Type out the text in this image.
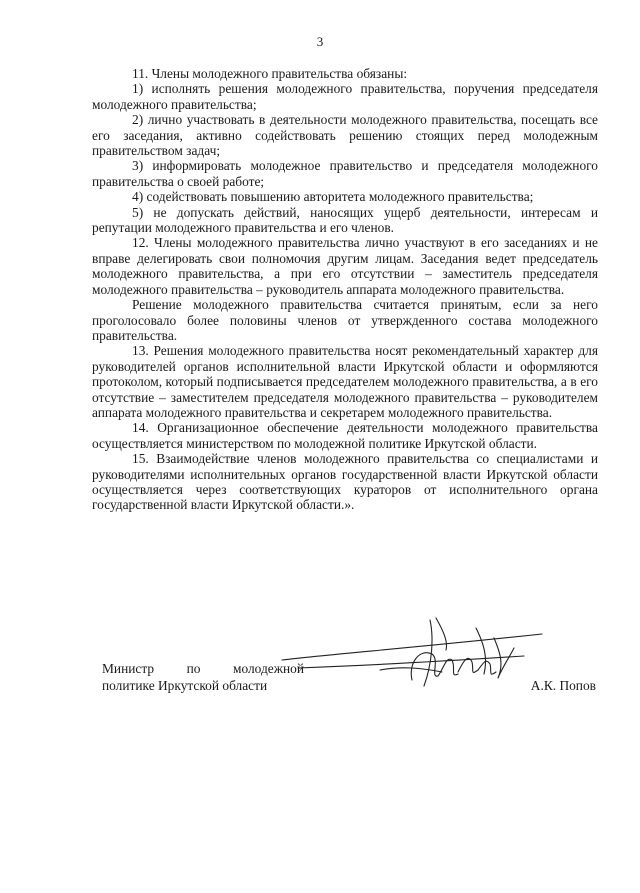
3

11. Члены молодежного правительства обязаны:

1) исполнять решения молодежного правительства, поручения председателя молодежного правительства;

2) лично участвовать в деятельности молодежного правительства, посещать все его заседания, активно содействовать решению стоящих перед молодежным правительством задач;

3) информировать молодежное правительство и председателя молодежного правительства о своей работе;

4) содействовать повышению авторитета молодежного правительства;

5) не допускать действий, наносящих ущерб деятельности, интересам и репутации молодежного правительства и его членов.

12. Члены молодежного правительства лично участвуют в его заседаниях и не вправе делегировать свои полномочия другим лицам. Заседания ведет председатель молодежного правительства, а при его отсутствии – заместитель председателя молодежного правительства – руководитель аппарата молодежного правительства.

Решение молодежного правительства считается принятым, если за него проголосовало более половины членов от утвержденного состава молодежного правительства.

13. Решения молодежного правительства носят рекомендательный характер для руководителей органов исполнительной власти Иркутской области и оформляются протоколом, который подписывается председателем молодежного правительства, а в его отсутствие – заместителем председателя молодежного правительства – руководителем аппарата молодежного правительства и секретарем молодежного правительства.

14. Организационное обеспечение деятельности молодежного правительства осуществляется министерством по молодежной политике Иркутской области.

15. Взаимодействие членов молодежного правительства со специалистами и руководителями исполнительных органов государственной власти Иркутской области осуществляется через соответствующих кураторов от исполнительного органа государственной власти Иркутской области.».

Министр по молодежной
политике Иркутской области	А.К. Попов
